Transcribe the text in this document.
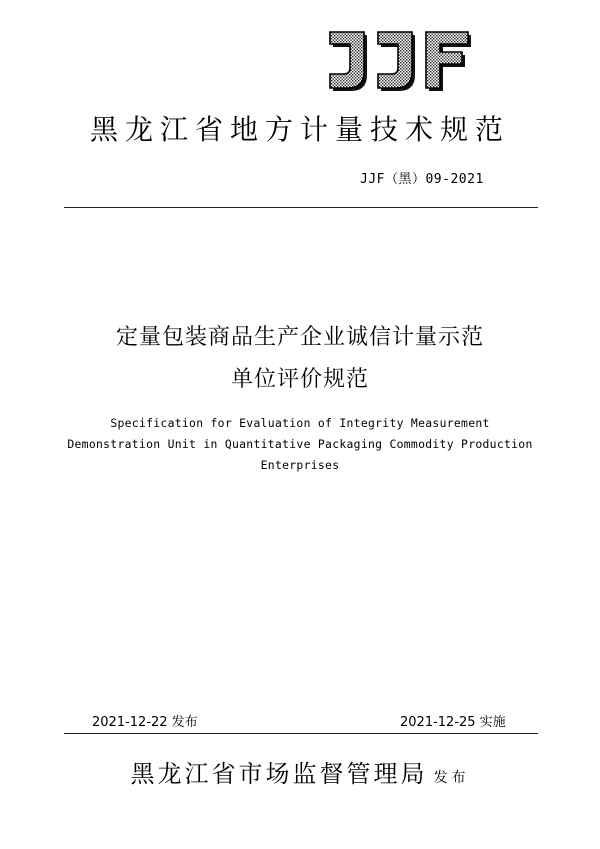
黑龙江省地方计量技术规范
JJF（黑）09-2021
定量包装商品生产企业诚信计量示范
单位评价规范
Specification for Evaluation of Integrity Measurement
Demonstration Unit in Quantitative Packaging Commodity Production
Enterprises
2021-12-22 发布	2021-12-25 实施
黑龙江省市场监督管理局 发布
